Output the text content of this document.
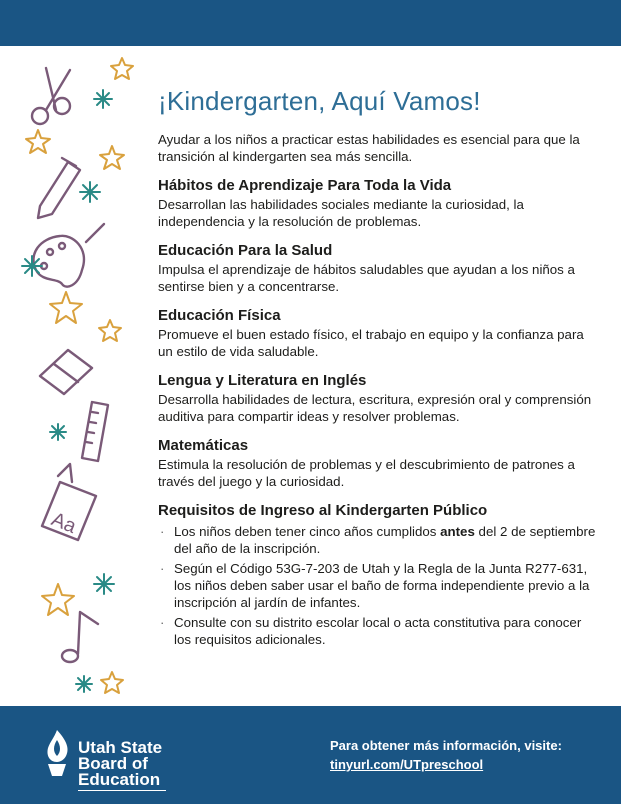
Aa
¡Kindergarten, Aquí Vamos!

Ayudar a los niños a practicar estas habilidades es esencial para que la transición al kindergarten sea más sencilla.

Hábitos de Aprendizaje Para Toda la Vida

Desarrollan las habilidades sociales mediante la curiosidad, la independencia y la resolución de problemas.

Educación Para la Salud

Impulsa el aprendizaje de hábitos saludables que ayudan a los niños a sentirse bien y a concentrarse.

Educación Física

Promueve el buen estado físico, el trabajo en equipo y la confianza para un estilo de vida saludable.

Lengua y Literatura en Inglés

Desarrolla habilidades de lectura, escritura, expresión oral y comprensión auditiva para compartir ideas y resolver problemas.

Matemáticas

Estimula la resolución de problemas y el descubrimiento de patrones a través del juego y la curiosidad.

Requisitos de Ingreso al Kindergarten Público
· Los niños deben tener cinco años cumplidos antes del 2 de septiembre del año de la inscripción.
· Según el Código 53G-7-203 de Utah y la Regla de la Junta R277-631, los niños deben saber usar el baño de forma independiente previo a la inscripción al jardín de infantes.
· Consulte con su distrito escolar local o acta constitutiva para conocer los requisitos adicionales.
Utah State
Board of
Education
Para obtener más información, visite:
tinyurl.com/UTpreschool
